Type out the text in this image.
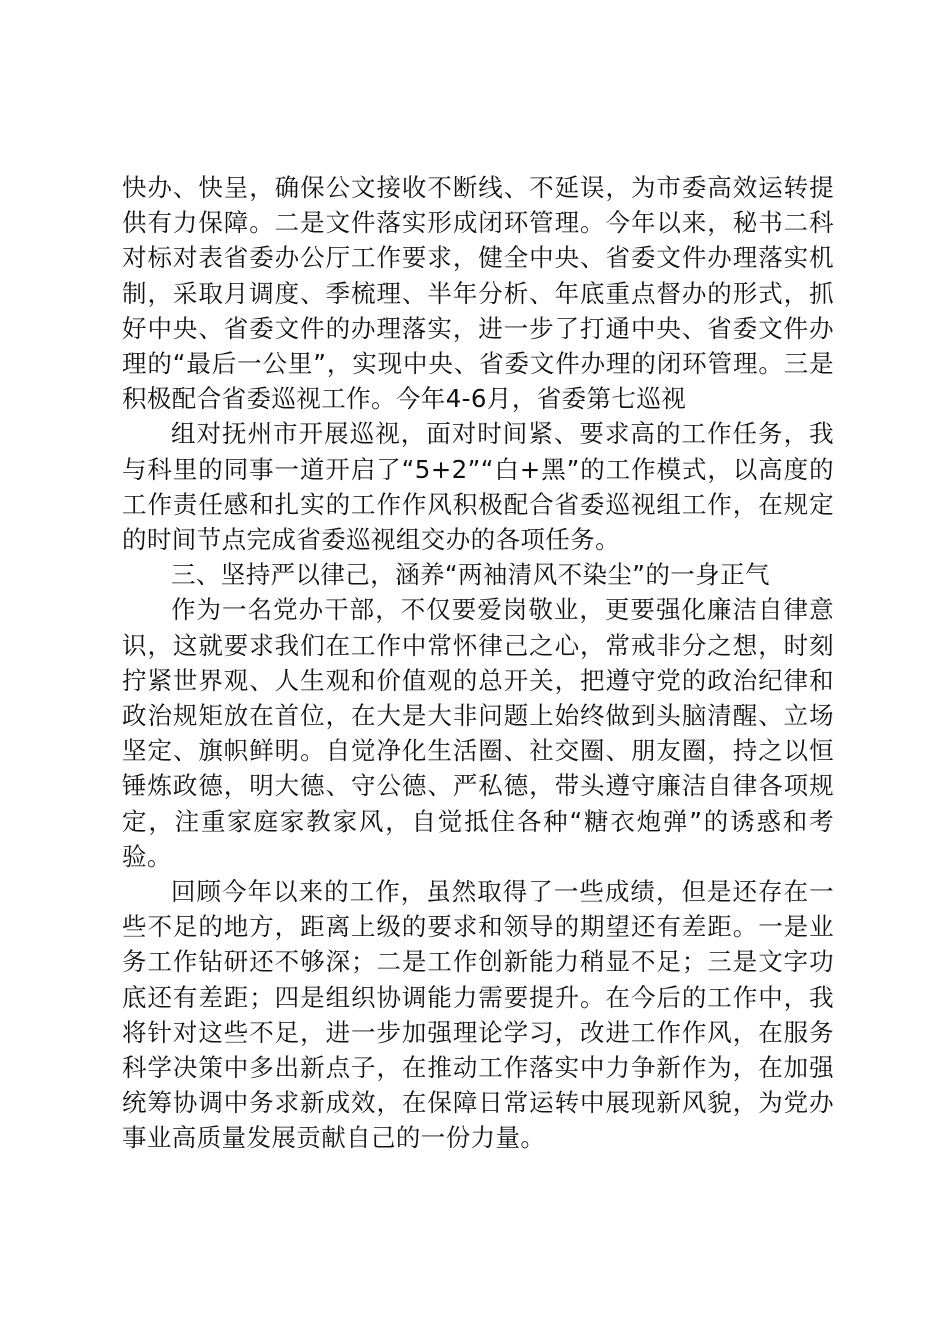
快办、快呈，确保公文接收不断线、不延误，为市委高效运转提供有力保障。二是文件落实形成闭环管理。今年以来，秘书二科对标对表省委办公厅工作要求，健全中央、省委文件办理落实机制，采取月调度、季梳理、半年分析、年底重点督办的形式，抓好中央、省委文件的办理落实，进一步了打通中央、省委文件办理的“最后一公里”，实现中央、省委文件办理的闭环管理。三是积极配合省委巡视工作。今年4-6月，省委第七巡视

组对抚州市开展巡视，面对时间紧、要求高的工作任务，我与科里的同事一道开启了“5+2”“白+黑”的工作模式，以高度的工作责任感和扎实的工作作风积极配合省委巡视组工作，在规定的时间节点完成省委巡视组交办的各项任务。

三、坚持严以律己，涵养“两袖清风不染尘”的一身正气

作为一名党办干部，不仅要爱岗敬业，更要强化廉洁自律意识，这就要求我们在工作中常怀律己之心，常戒非分之想，时刻拧紧世界观、人生观和价值观的总开关，把遵守党的政治纪律和政治规矩放在首位，在大是大非问题上始终做到头脑清醒、立场坚定、旗帜鲜明。自觉净化生活圈、社交圈、朋友圈，持之以恒锤炼政德，明大德、守公德、严私德，带头遵守廉洁自律各项规定，注重家庭家教家风，自觉抵住各种“糖衣炮弹”的诱惑和考验。

回顾今年以来的工作，虽然取得了一些成绩，但是还存在一些不足的地方，距离上级的要求和领导的期望还有差距。一是业务工作钻研还不够深；二是工作创新能力稍显不足；三是文字功底还有差距；四是组织协调能力需要提升。在今后的工作中，我将针对这些不足，进一步加强理论学习，改进工作作风，在服务科学决策中多出新点子，在推动工作落实中力争新作为，在加强统筹协调中务求新成效，在保障日常运转中展现新风貌，为党办事业高质量发展贡献自己的一份力量。
